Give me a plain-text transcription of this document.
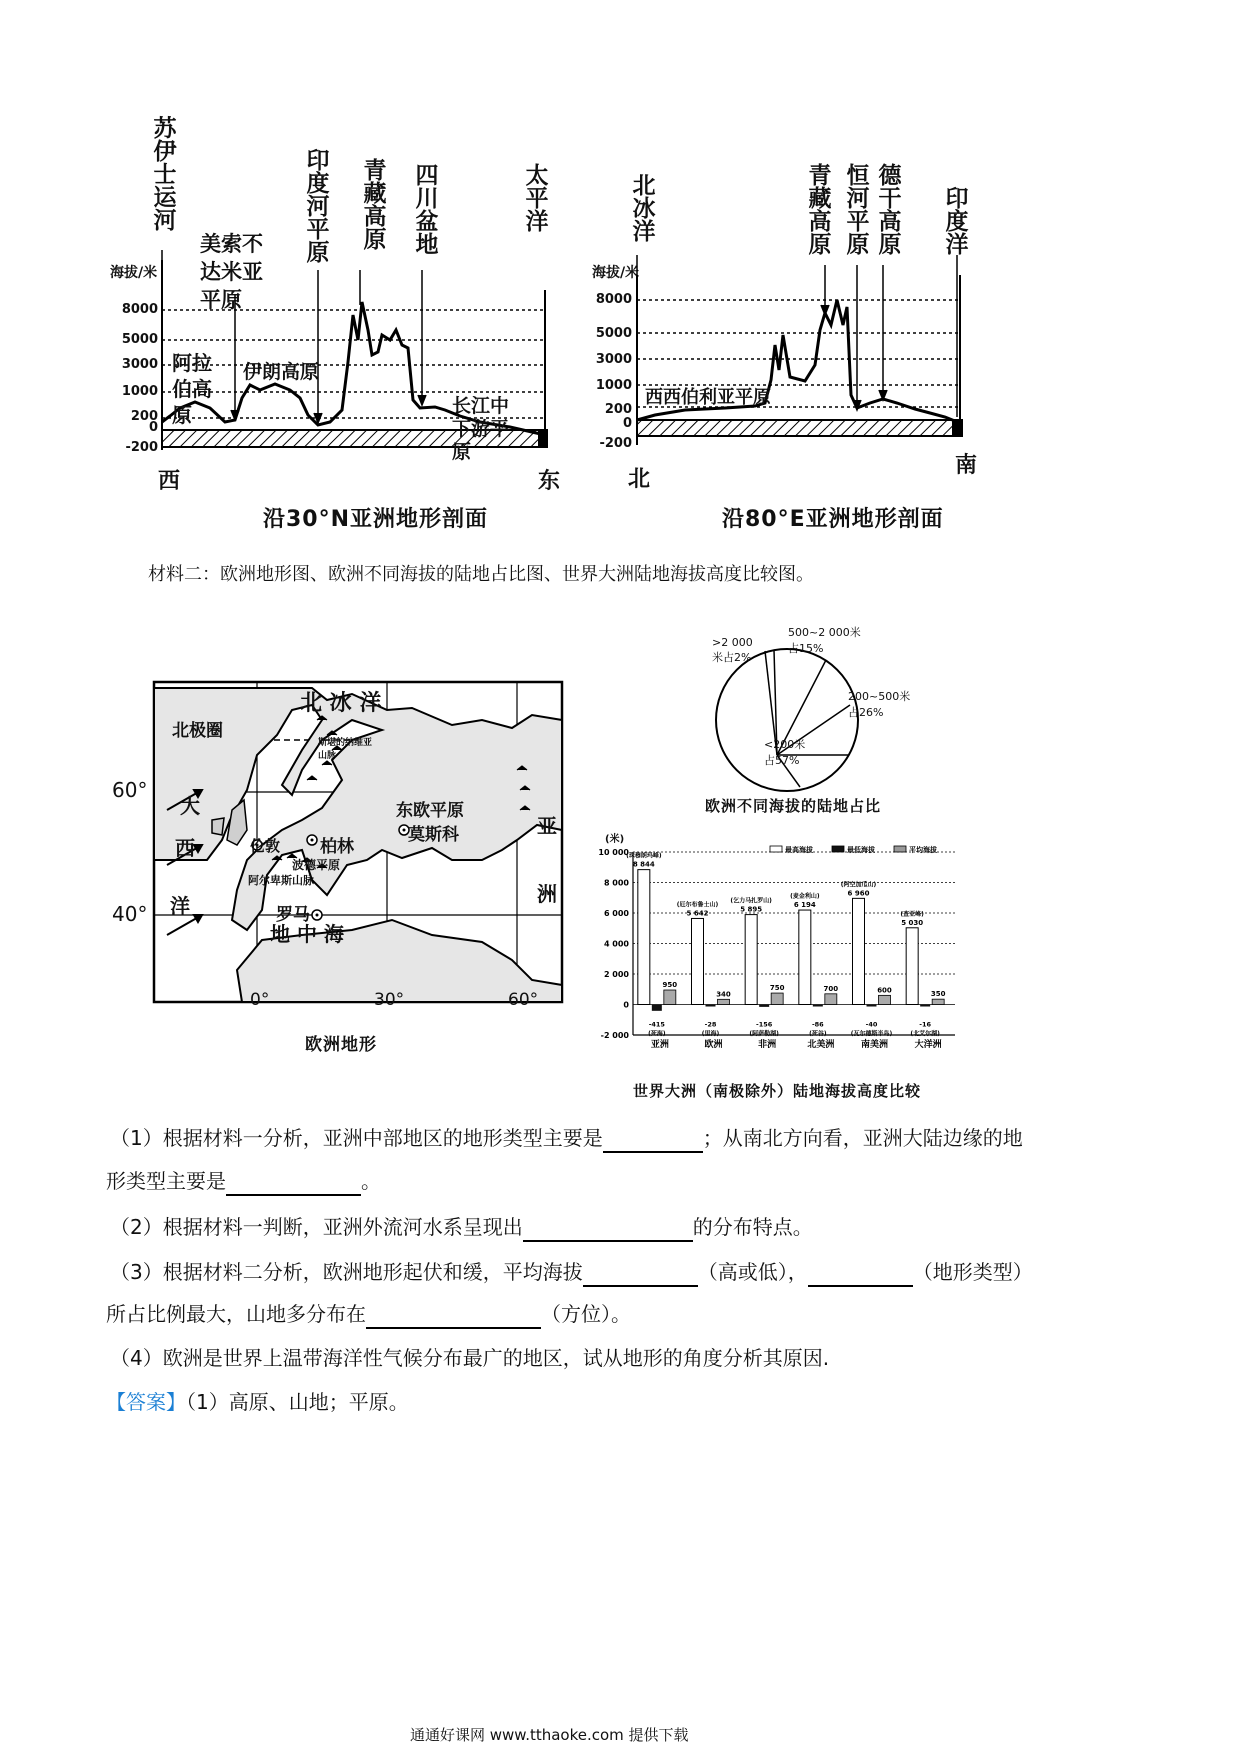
苏伊士运河
美索不达米亚平原
印度河平原
青藏高原
四川盆地
太平洋
海拔/米
8000
5000
3000
1000
200
0
-200
阿拉伯高原
伊朗高原
长江中下游平原
西	东
沿30°N亚洲地形剖面
北冰洋
青藏高原
恒河平原
德干高原
印度洋
海拔/米
8000
5000
3000
1000
200
0
-200
西西伯利亚平原
北
南
沿80°E亚洲地形剖面
材料二：欧洲地形图、欧洲不同海拔的陆地占比图、世界大洲陆地海拔高度比较图。
60°
40°
北 冰 洋
北极圈
大
西
洋
地 中 海
亚
洲
东欧平原
莫斯科
柏林
伦敦
波德平原
阿尔卑斯山脉
罗马
斯堪的纳维亚山脉
0°	30°	60°
欧洲地形
>2 000米占2%
500~2 000米占15%
200~500米占26%
<200米占57%
欧洲不同海拔的陆地占比
(米)
10 000
8 000
6 000
4 000
2 000
0
-2 000
最高海拔	最低海拔	平均海拔
8 844
(珠穆朗玛峰)
950
-415
(死海)
亚洲
5 642
(厄尔布鲁士山)
340
-28
(里海)
欧洲
5 895
(乞力马扎罗山)
750
-156
(阿萨勒湖)
非洲
6 194
(麦金利山)
700
-86
(死谷)
北美洲
6 960
(阿空加瓜山)
600
-40
(瓦尔德斯半岛)
南美洲
5 030
(查亚峰)
350
-16
(北艾尔湖)
大洋洲
世界大洲（南极除外）陆地海拔高度比较
（1）根据材料一分析，亚洲中部地区的地形类型主要是	；从南北方向看，亚洲大陆边缘的地
形类型主要是	。
（2）根据材料一判断，亚洲外流河水系呈现出	的分布特点。
（3）根据材料二分析，欧洲地形起伏和缓，平均海拔	（高或低），	（地形类型）
所占比例最大，山地多分布在	（方位）。
（4）欧洲是世界上温带海洋性气候分布最广的地区，试从地形的角度分析其原因.
【答案】（1）高原、山地；平原。
通通好课网 www.tthaoke.com 提供下载
